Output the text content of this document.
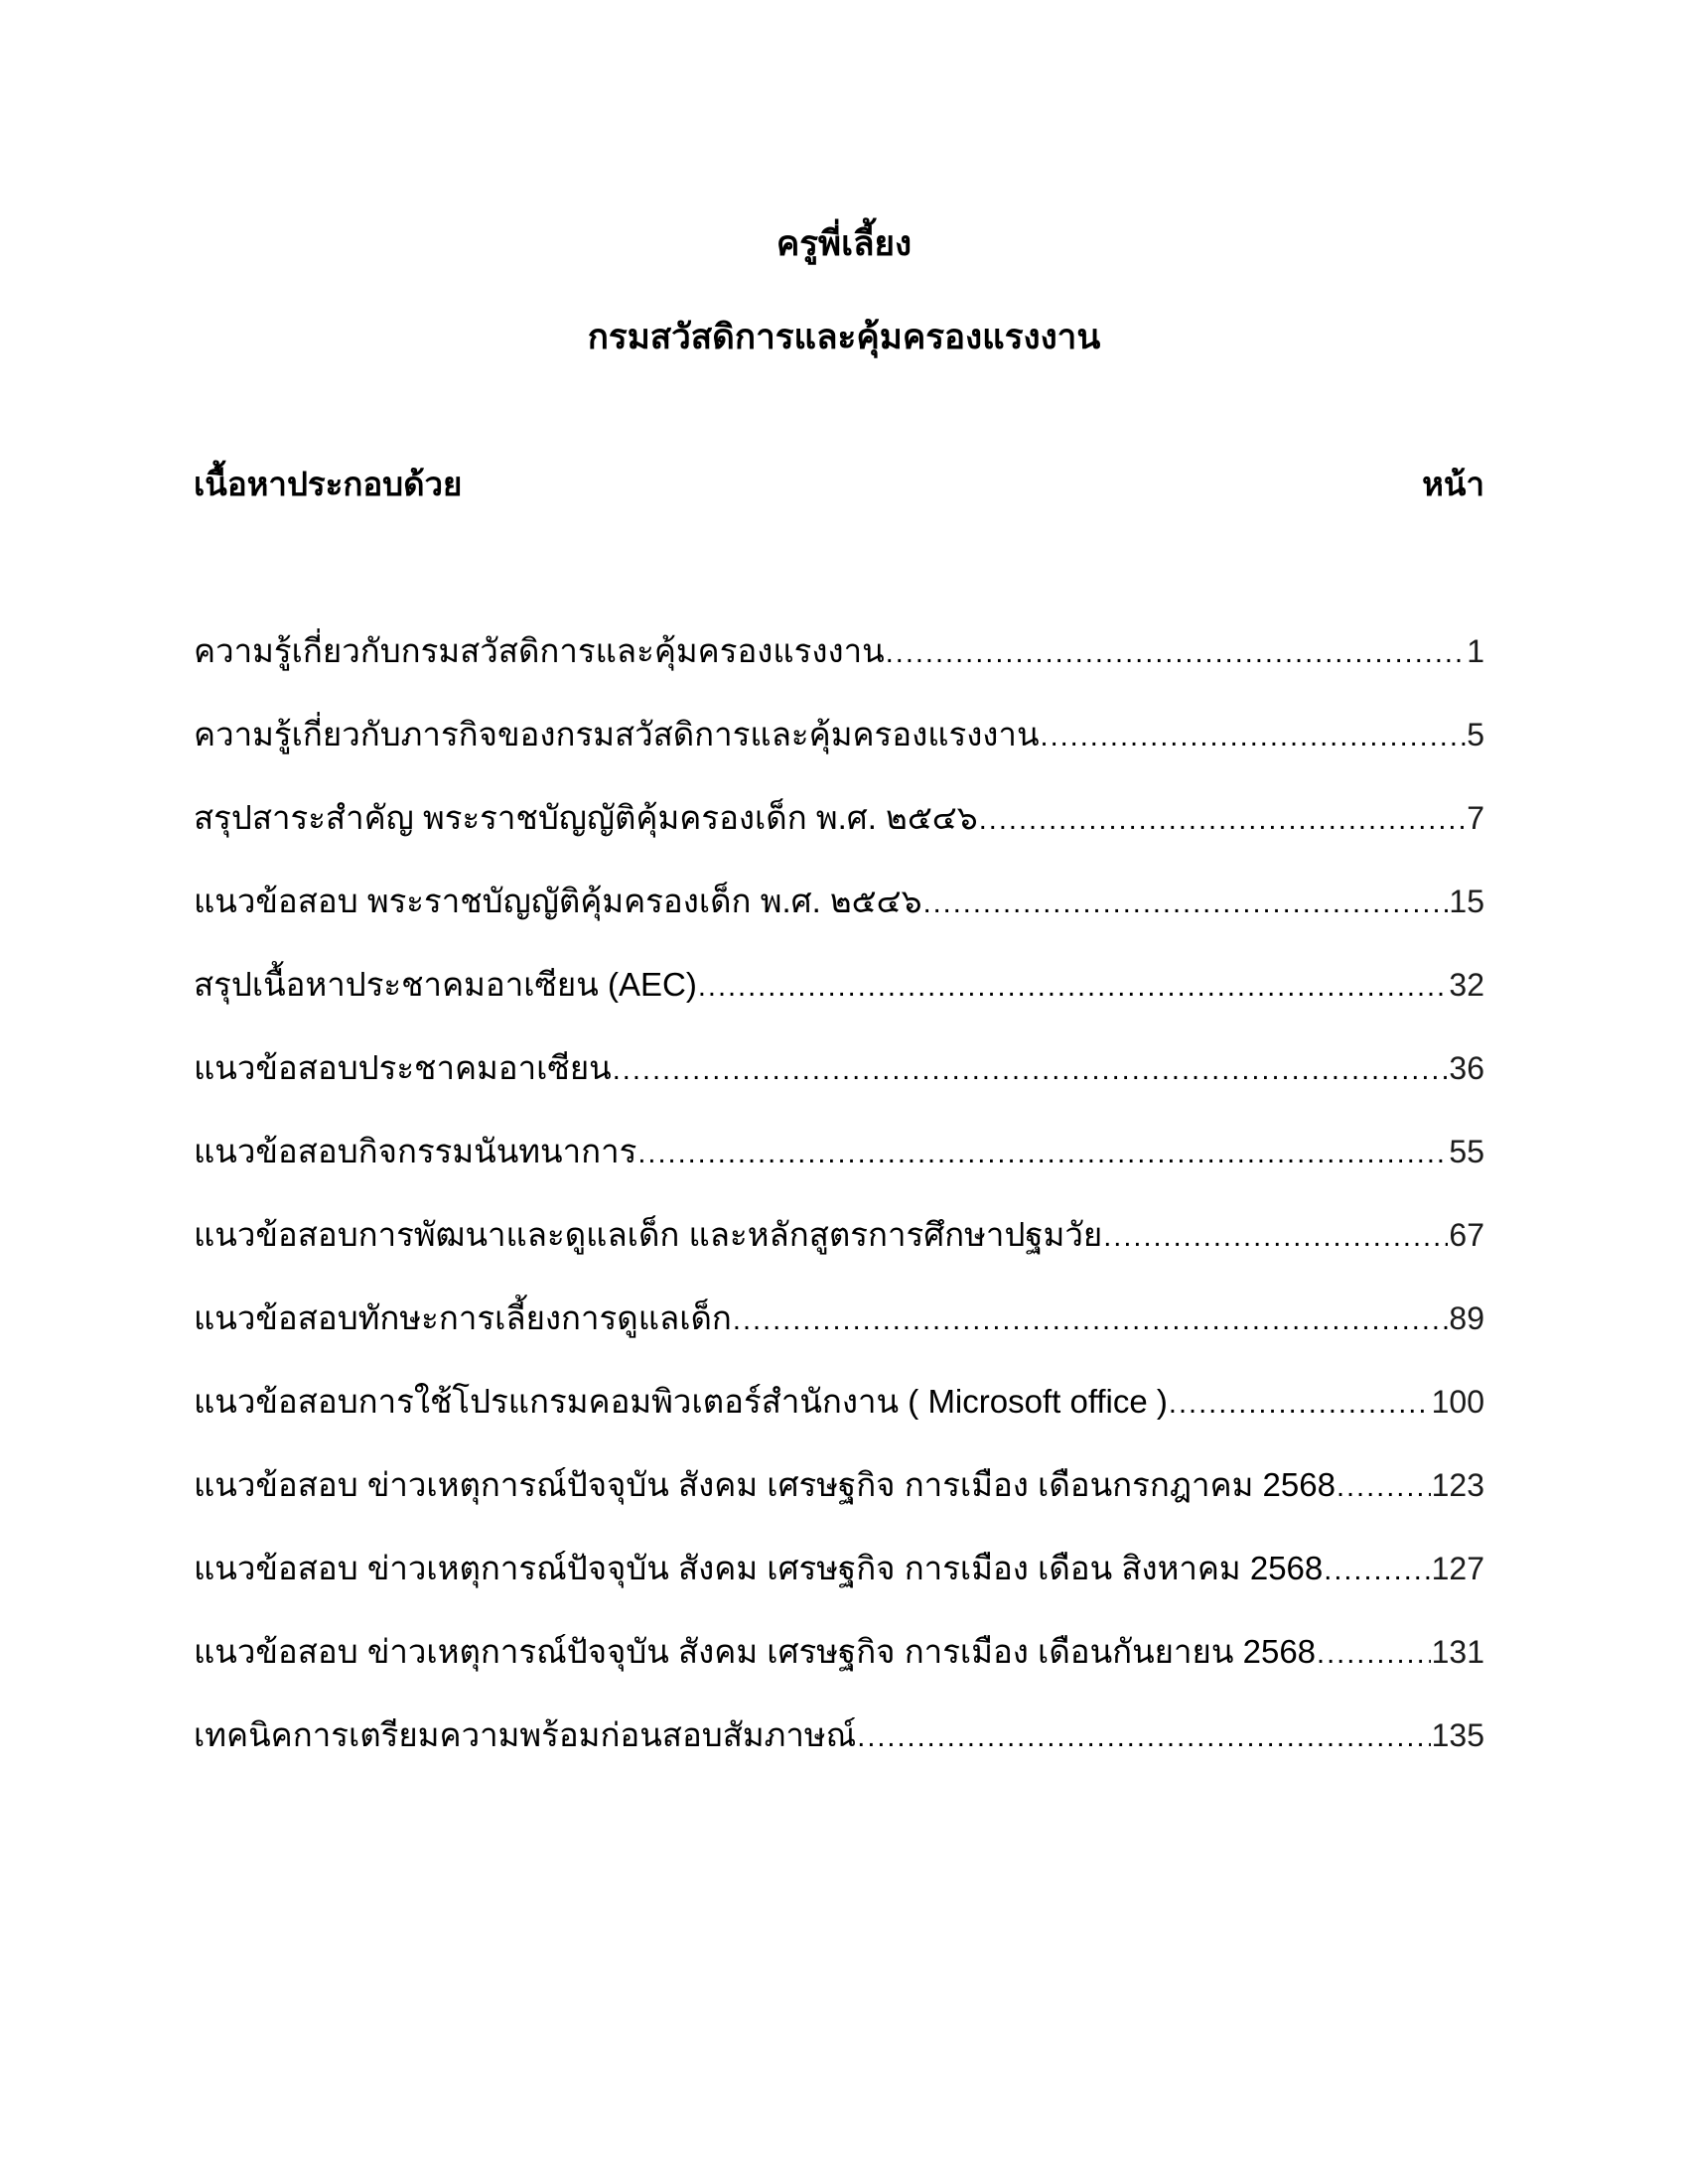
ครูพี่เลี้ยง
กรมสวัสดิการและคุ้มครองแรงงาน
เนื้อหาประกอบด้วย	หน้า
ความรู้เกี่ยวกับกรมสวัสดิการและคุ้มครองแรงงาน .....	1
ความรู้เกี่ยวกับภารกิจของกรมสวัสดิการและคุ้มครองแรงงาน .....	5
สรุปสาระสำคัญ พระราชบัญญัติคุ้มครองเด็ก พ.ศ. ๒๕๔๖ .....	7
แนวข้อสอบ พระราชบัญญัติคุ้มครองเด็ก พ.ศ. ๒๕๔๖ .....	15
สรุปเนื้อหาประชาคมอาเซียน (AEC) .....	32
แนวข้อสอบประชาคมอาเซียน .....	36
แนวข้อสอบกิจกรรมนันทนาการ .....	55
แนวข้อสอบการพัฒนาและดูแลเด็ก และหลักสูตรการศึกษาปฐมวัย .....	67
แนวข้อสอบทักษะการเลี้ยงการดูแลเด็ก .....	89
แนวข้อสอบการใช้โปรแกรมคอมพิวเตอร์สำนักงาน ( Microsoft office ) .....	100
แนวข้อสอบ ข่าวเหตุการณ์ปัจจุบัน สังคม เศรษฐกิจ การเมือง เดือนกรกฎาคม 2568 .....	123
แนวข้อสอบ ข่าวเหตุการณ์ปัจจุบัน สังคม เศรษฐกิจ การเมือง เดือน สิงหาคม 2568 .....	127
แนวข้อสอบ ข่าวเหตุการณ์ปัจจุบัน สังคม เศรษฐกิจ การเมือง เดือนกันยายน 2568 .....	131
เทคนิคการเตรียมความพร้อมก่อนสอบสัมภาษณ์ .....	135
